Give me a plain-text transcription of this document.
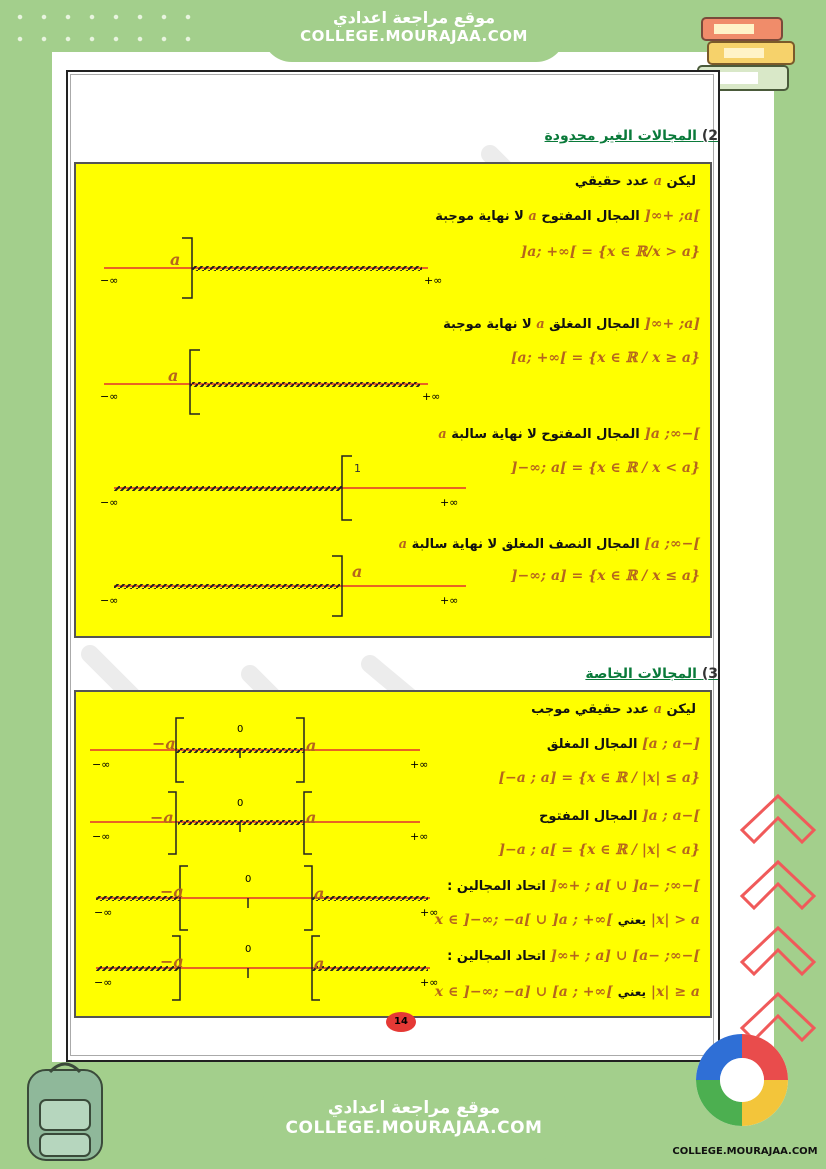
موقع مراجعة اعدادي
COLLEGE.MOURAJAA.COM
2) المجالات الغير محدودة
ليكن a عدد حقيقي
]a; +∞[ المجال المفتوح a لا نهاية موجبة
]a; +∞[ = {x ∈ ℝ/x > a}
[a; +∞[ المجال المغلق a لا نهاية موجبة
[a; +∞[ = {x ∈ ℝ / x ≥ a}
]−∞; a[ المجال المفتوح لا نهاية سالبة a
]−∞; a[ = {x ∈ ℝ / x < a}
]−∞; a] المجال النصف المغلق لا نهاية سالبة a
]−∞; a] = {x ∈ ℝ / x ≤ a}
a
−∞	+∞
a
−∞	+∞
1
−∞	+∞
a
−∞	+∞
3) المجالات الخاصة
ليكن a عدد حقيقي موجب
[−a ; a] المجال المغلق
[−a ; a] = {x ∈ ℝ / |x| ≤ a}
]−a ; a[ المجال المفتوح
]−a ; a[ = {x ∈ ℝ / |x| < a}
]−∞; −a[ ∪ ]a ; +∞[ اتحاد المجالين :
x ∈ ]−∞; −a[ ∪ ]a ; +∞[ يعني |x| > a
]−∞; −a] ∪ [a ; +∞[ اتحاد المجالين :
x ∈ ]−∞; −a] ∪ [a ; +∞[ يعني |x| ≥ a
−a
0
a
−∞	+∞
−a
0
a
−∞	+∞
−a
0
a
−∞	+∞
−a
0
a
−∞	+∞
14
COLLEGE.MOURAJAA.COM
موقع مراجعة اعدادي
COLLEGE.MOURAJAA.COM
